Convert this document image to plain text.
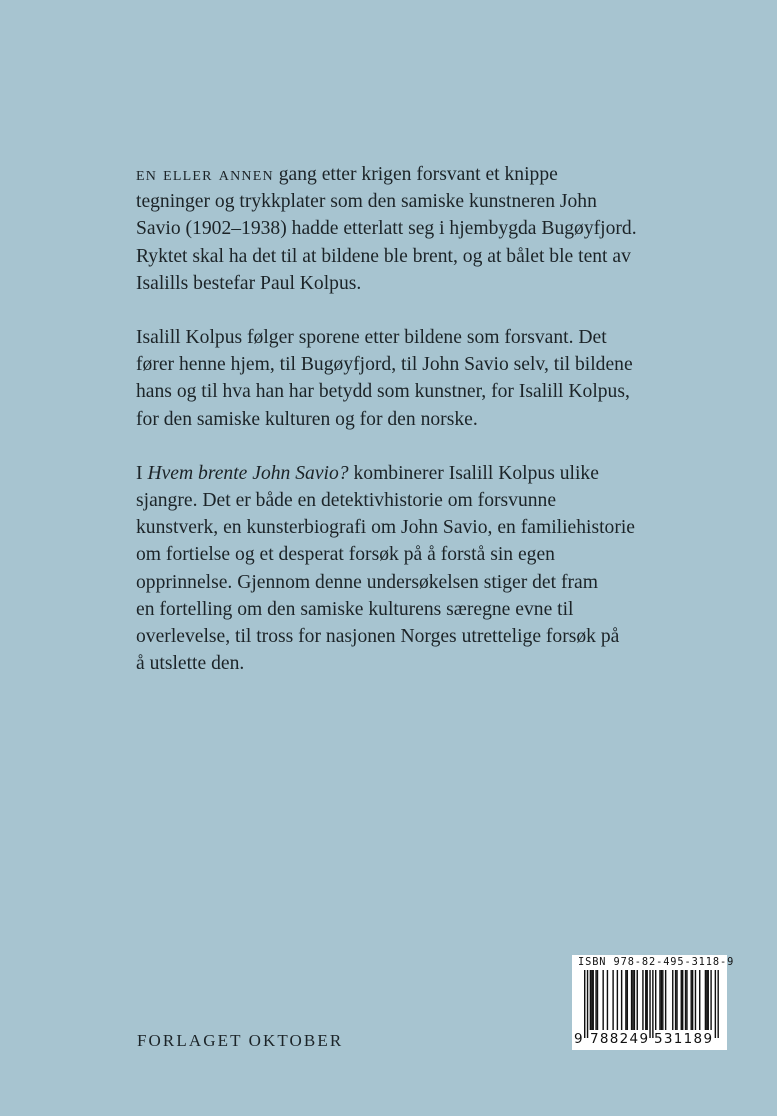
en eller annen gang etter krigen forsvant et knippe
tegninger og trykkplater som den samiske kunstneren John
Savio (1902–1938) hadde etterlatt seg i hjembygda Bugøyfjord.
Ryktet skal ha det til at bildene ble brent, og at bålet ble tent av
Isalills bestefar Paul Kolpus.

Isalill Kolpus følger sporene etter bildene som forsvant. Det
fører henne hjem, til Bugøyfjord, til John Savio selv, til bildene
hans og til hva han har betydd som kunstner, for Isalill Kolpus,
for den samiske kulturen og for den norske.

I Hvem brente John Savio? kombinerer Isalill Kolpus ulike
sjangre. Det er både en detektivhistorie om forsvunne
kunstverk, en kunsterbiografi om John Savio, en familiehistorie
om fortielse og et desperat forsøk på å forstå sin egen
opprinnelse. Gjennom denne undersøkelsen stiger det fram
en fortelling om den samiske kulturens særegne evne til
overlevelse, til tross for nasjonen Norges utrettelige forsøk på
å utslette den.

FORLAGET OKTOBER
ISBN 978-82-495-3118-9
9 788249 531189
